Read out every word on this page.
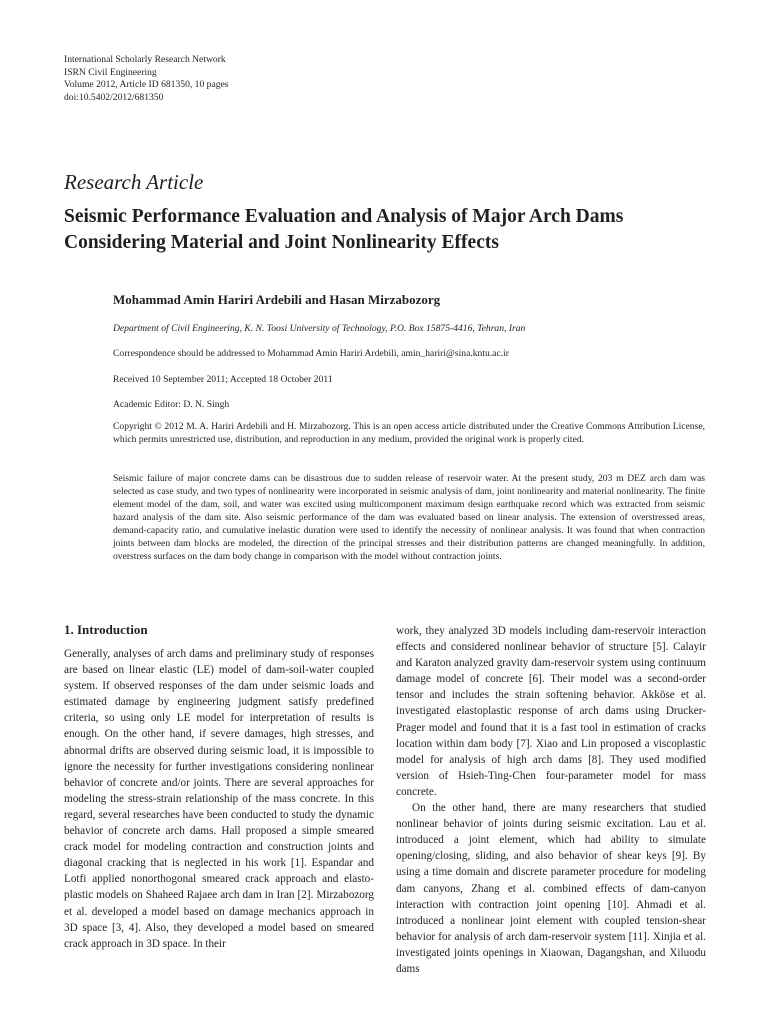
International Scholarly Research Network
ISRN Civil Engineering
Volume 2012, Article ID 681350, 10 pages
doi:10.5402/2012/681350
Research Article
Seismic Performance Evaluation and Analysis of Major Arch Dams Considering Material and Joint Nonlinearity Effects
Mohammad Amin Hariri Ardebili and Hasan Mirzabozorg
Department of Civil Engineering, K. N. Toosi University of Technology, P.O. Box 15875-4416, Tehran, Iran
Correspondence should be addressed to Mohammad Amin Hariri Ardebili, amin_hariri@sina.kntu.ac.ir
Received 10 September 2011; Accepted 18 October 2011
Academic Editor: D. N. Singh
Copyright © 2012 M. A. Hariri Ardebili and H. Mirzabozorg. This is an open access article distributed under the Creative Commons Attribution License, which permits unrestricted use, distribution, and reproduction in any medium, provided the original work is properly cited.
Seismic failure of major concrete dams can be disastrous due to sudden release of reservoir water. At the present study, 203 m DEZ arch dam was selected as case study, and two types of nonlinearity were incorporated in seismic analysis of dam, joint nonlinearity and material nonlinearity. The finite element model of the dam, soil, and water was excited using multicomponent maximum design earthquake record which was extracted from seismic hazard analysis of the dam site. Also seismic performance of the dam was evaluated based on linear analysis. The extension of overstressed areas, demand-capacity ratio, and cumulative inelastic duration were used to identify the necessity of nonlinear analysis. It was found that when contraction joints between dam blocks are modeled, the direction of the principal stresses and their distribution patterns are changed meaningfully. In addition, overstress surfaces on the dam body change in comparison with the model without contraction joints.
1. Introduction

Generally, analyses of arch dams and preliminary study of responses are based on linear elastic (LE) model of dam-soil-water coupled system. If observed responses of the dam under seismic loads and estimated damage by engineering judgment satisfy predefined criteria, so using only LE model for interpretation of results is enough. On the other hand, if severe damages, high stresses, and abnormal drifts are observed during seismic load, it is impossible to ignore the necessity for further investigations considering nonlinear behavior of concrete and/or joints. There are several approaches for modeling the stress-strain relationship of the mass concrete. In this regard, several researches have been conducted to study the dynamic behavior of concrete arch dams. Hall proposed a simple smeared crack model for modeling contraction and construction joints and diagonal cracking that is neglected in his work [1]. Espandar and Lotfi applied nonorthogonal smeared crack approach and elasto-plastic models on Shaheed Rajaee arch dam in Iran [2]. Mirzabozorg et al. developed a model based on damage mechanics approach in 3D space [3, 4]. Also, they developed a model based on smeared crack approach in 3D space. In their

work, they analyzed 3D models including dam-reservoir interaction effects and considered nonlinear behavior of structure [5]. Calayir and Karaton analyzed gravity dam-reservoir system using continuum damage model of concrete [6]. Their model was a second-order tensor and includes the strain softening behavior. Akköse et al. investigated elastoplastic response of arch dams using Drucker-Prager model and found that it is a fast tool in estimation of cracks location within dam body [7]. Xiao and Lin proposed a viscoplastic model for analysis of high arch dams [8]. They used modified version of Hsieh-Ting-Chen four-parameter model for mass concrete.

On the other hand, there are many researchers that studied nonlinear behavior of joints during seismic excitation. Lau et al. introduced a joint element, which had ability to simulate opening/closing, sliding, and also behavior of shear keys [9]. By using a time domain and discrete parameter procedure for modeling dam canyons, Zhang et al. combined effects of dam-canyon interaction with contraction joint opening [10]. Ahmadi et al. introduced a nonlinear joint element with coupled tension-shear behavior for analysis of arch dam-reservoir system [11]. Xinjia et al. investigated joints openings in Xiaowan, Dagangshan, and Xiluodu dams
